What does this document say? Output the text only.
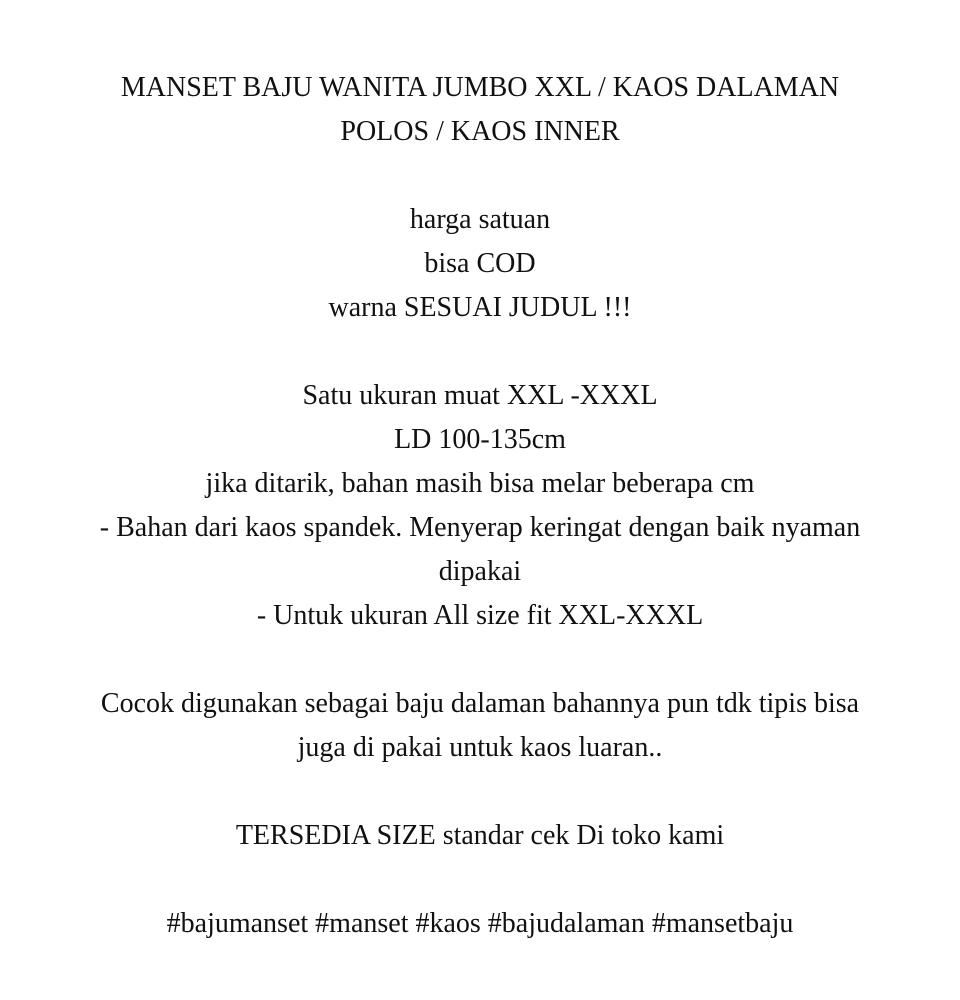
MANSET BAJU WANITA JUMBO XXL / KAOS DALAMAN
POLOS / KAOS INNER
harga satuan
bisa COD
warna SESUAI JUDUL !!!
Satu ukuran muat XXL -XXXL
LD 100-135cm
jika ditarik, bahan masih bisa melar beberapa cm
- Bahan dari kaos spandek. Menyerap keringat dengan baik nyaman
dipakai
- Untuk ukuran All size fit XXL-XXXL
Cocok digunakan sebagai baju dalaman bahannya pun tdk tipis bisa
juga di pakai untuk kaos luaran..
TERSEDIA SIZE standar cek Di toko kami
#bajumanset #manset #kaos #bajudalaman #mansetbaju
